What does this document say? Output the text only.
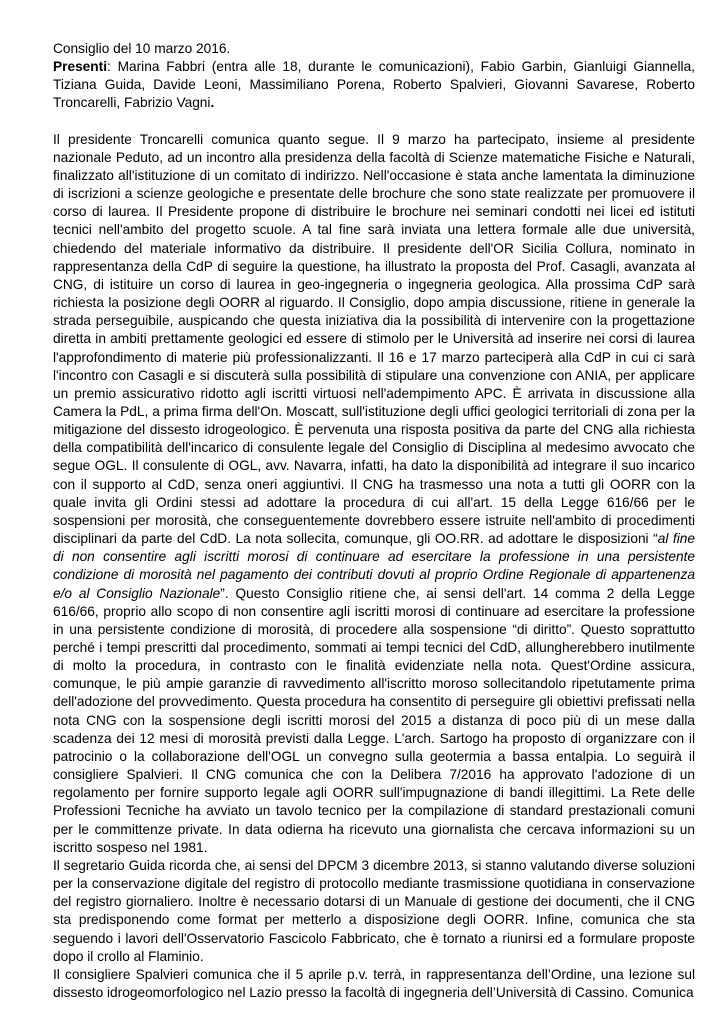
Consiglio del 10 marzo 2016.

Presenti: Marina Fabbri (entra alle 18, durante le comunicazioni), Fabio Garbin, Gianluigi Giannella, Tiziana Guida, Davide Leoni, Massimiliano Porena, Roberto Spalvieri, Giovanni Savarese, Roberto Troncarelli, Fabrizio Vagni.

Il presidente Troncarelli comunica quanto segue. Il 9 marzo ha partecipato, insieme al presidente nazionale Peduto, ad un incontro alla presidenza della facoltà di Scienze matematiche Fisiche e Naturali, finalizzato all'istituzione di un comitato di indirizzo. Nell'occasione è stata anche lamentata la diminuzione di iscrizioni a scienze geologiche e presentate delle brochure che sono state realizzate per promuovere il corso di laurea. Il Presidente propone di distribuire le brochure nei seminari condotti nei licei ed istituti tecnici nell'ambito del progetto scuole. A tal fine sarà inviata una lettera formale alle due università, chiedendo del materiale informativo da distribuire. Il presidente dell'OR Sicilia Collura, nominato in rappresentanza della CdP di seguire la questione, ha illustrato la proposta del Prof. Casagli, avanzata al CNG, di istituire un corso di laurea in geo-ingegneria o ingegneria geologica. Alla prossima CdP sarà richiesta la posizione degli OORR al riguardo. Il Consiglio, dopo ampia discussione, ritiene in generale la strada perseguibile, auspicando che questa iniziativa dia la possibilità di intervenire con la progettazione diretta in ambiti prettamente geologici ed essere di stimolo per le Università ad inserire nei corsi di laurea l'approfondimento di materie più professionalizzanti. Il 16 e 17 marzo parteciperà alla CdP in cui ci sarà l'incontro con Casagli e si discuterà sulla possibilità di stipulare una convenzione con ANIA, per applicare un premio assicurativo ridotto agli iscritti virtuosi nell'adempimento APC. È arrivata in discussione alla Camera la PdL, a prima firma dell'On. Moscatt, sull'istituzione degli uffici geologici territoriali di zona per la mitigazione del dissesto idrogeologico. È pervenuta una risposta positiva da parte del CNG alla richiesta della compatibilità dell'incarico di consulente legale del Consiglio di Disciplina al medesimo avvocato che segue OGL. Il consulente di OGL, avv. Navarra, infatti, ha dato la disponibilità ad integrare il suo incarico con il supporto al CdD, senza oneri aggiuntivi. Il CNG ha trasmesso una nota a tutti gli OORR con la quale invita gli Ordini stessi ad adottare la procedura di cui all'art. 15 della Legge 616/66 per le sospensioni per morosità, che conseguentemente dovrebbero essere istruite nell'ambito di procedimenti disciplinari da parte del CdD. La nota sollecita, comunque, gli OO.RR. ad adottare le disposizioni “al fine di non consentire agli iscritti morosi di continuare ad esercitare la professione in una persistente condizione di morosità nel pagamento dei contributi dovuti al proprio Ordine Regionale di appartenenza e/o al Consiglio Nazionale”. Questo Consiglio ritiene che, ai sensi dell'art. 14 comma 2 della Legge 616/66, proprio allo scopo di non consentire agli iscritti morosi di continuare ad esercitare la professione in una persistente condizione di morosità, di procedere alla sospensione “di diritto”. Questo soprattutto perché i tempi prescritti dal procedimento, sommati ai tempi tecnici del CdD, allungherebbero inutilmente di molto la procedura, in contrasto con le finalità evidenziate nella nota. Quest'Ordine assicura, comunque, le più ampie garanzie di ravvedimento all'iscritto moroso sollecitandolo ripetutamente prima dell'adozione del provvedimento. Questa procedura ha consentito di perseguire gli obiettivi prefissati nella nota CNG con la sospensione degli iscritti morosi del 2015 a distanza di poco più di un mese dalla scadenza dei 12 mesi di morosità previsti dalla Legge. L'arch. Sartogo ha proposto di organizzare con il patrocinio o la collaborazione dell'OGL un convegno sulla geotermia a bassa entalpia. Lo seguirà il consigliere Spalvieri. Il CNG comunica che con la Delibera 7/2016 ha approvato l'adozione di un regolamento per fornire supporto legale agli OORR sull'impugnazione di bandi illegittimi. La Rete delle Professioni Tecniche ha avviato un tavolo tecnico per la compilazione di standard prestazionali comuni per le committenze private. In data odierna ha ricevuto una giornalista che cercava informazioni su un iscritto sospeso nel 1981.

Il segretario Guida ricorda che, ai sensi del DPCM 3 dicembre 2013, si stanno valutando diverse soluzioni per la conservazione digitale del registro di protocollo mediante trasmissione quotidiana in conservazione del registro giornaliero. Inoltre è necessario dotarsi di un Manuale di gestione dei documenti, che il CNG sta predisponendo come format per metterlo a disposizione degli OORR. Infine, comunica che sta seguendo i lavori dell'Osservatorio Fascicolo Fabbricato, che è tornato a riunirsi ed a formulare proposte dopo il crollo al Flaminio.

Il consigliere Spalvieri comunica che il 5 aprile p.v. terrà, in rappresentanza dell’Ordine, una lezione sul dissesto idrogeomorfologico nel Lazio presso la facoltà di ingegneria dell’Università di Cassino. Comunica
